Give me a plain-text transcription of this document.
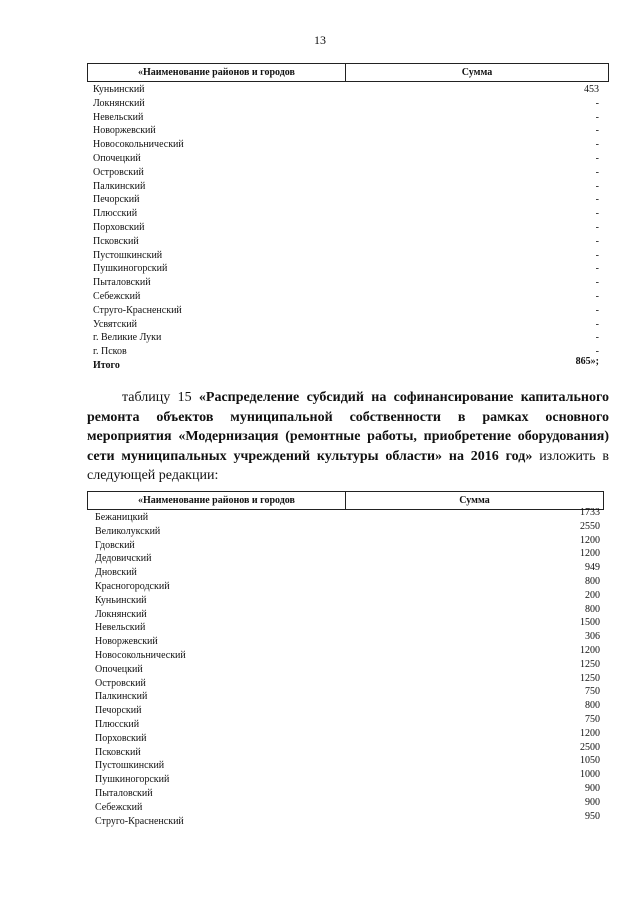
13
«Наименование районов и городов	Сумма
Куньинский	453
Локнянский	-
Невельский	-
Новоржевский	-
Новосокольнический	-
Опочецкий	-
Островский	-
Палкинский	-
Печорский	-
Плюсский	-
Порховский	-
Псковский	-
Пустошкинский	-
Пушкиногорский	-
Пыталовский	-
Себежский	-
Струго-Красненский	-
Усвятский	-
г. Великие Луки	-
г. Псков	-
Итого	865»;
таблицу 15 «Распределение субсидий на софинансирование капитального ремонта объектов муниципальной собственности в рамках основного мероприятия «Модернизация (ремонтные работы, приобретение оборудования) сети муниципальных учреждений культуры области» на 2016 год» изложить в следующей редакции:
«Наименование районов и городов	Сумма
Бежаницкий	1733
Великолукский	2550
Гдовский	1200
Дедовичский	1200
Дновский	949
Красногородский	800
Куньинский	200
Локнянский	800
Невельский	1500
Новоржевский	306
Новосокольнический	1200
Опочецкий	1250
Островский	1250
Палкинский	750
Печорский	800
Плюсский	750
Порховский	1200
Псковский	2500
Пустошкинский	1050
Пушкиногорский	1000
Пыталовский	900
Себежский	900
Струго-Красненский	950
